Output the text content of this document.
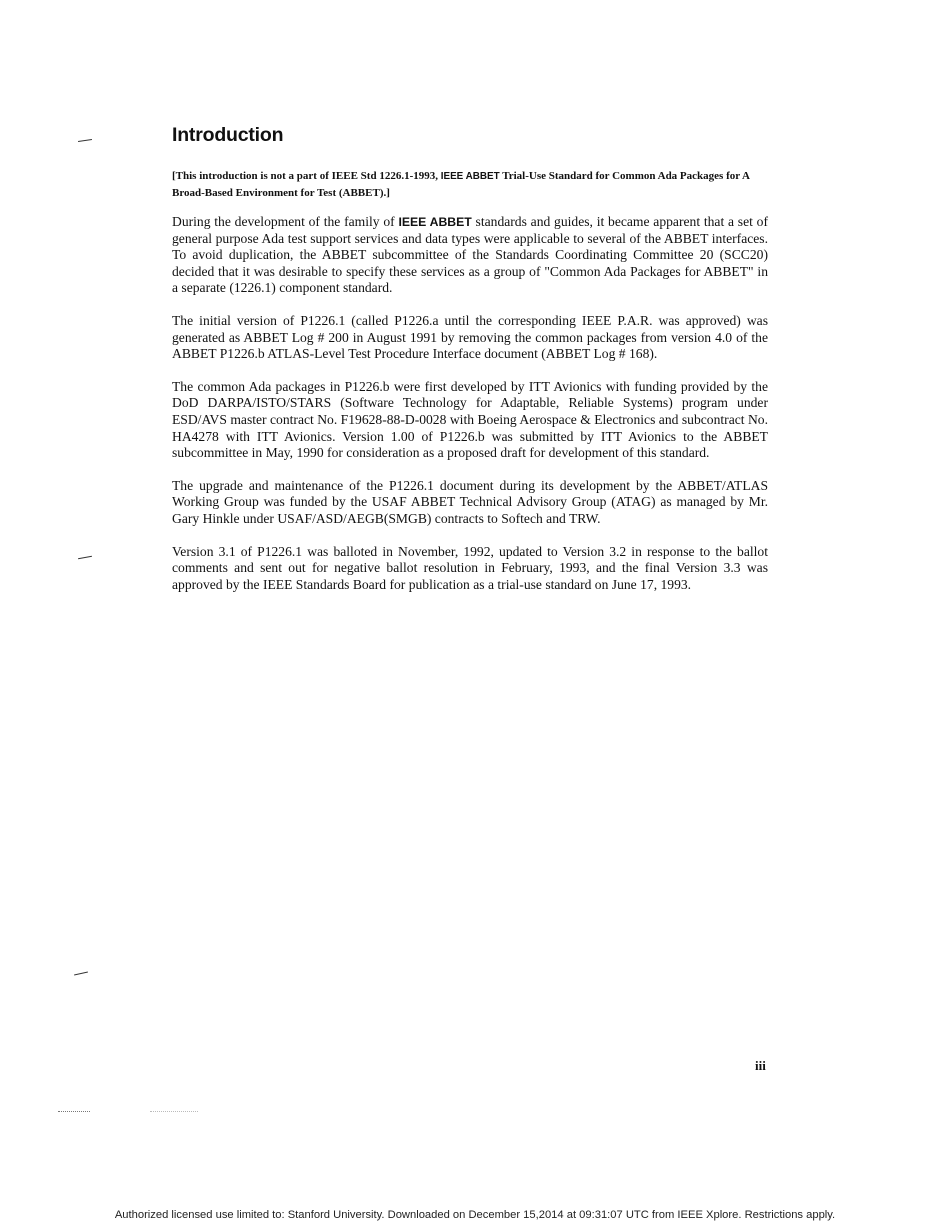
Introduction

[This introduction is not a part of IEEE Std 1226.1-1993, IEEE ABBET Trial-Use Standard for Common Ada Packages for A Broad-Based Environment for Test (ABBET).]

During the development of the family of IEEE ABBET standards and guides, it became apparent that a set of general purpose Ada test support services and data types were applicable to several of the ABBET interfaces. To avoid duplication, the ABBET subcommittee of the Standards Coordinating Committee 20 (SCC20) decided that it was desirable to specify these services as a group of "Common Ada Packages for ABBET" in a separate (1226.1) component standard.

The initial version of P1226.1 (called P1226.a until the corresponding IEEE P.A.R. was approved) was generated as ABBET Log # 200 in August 1991 by removing the common packages from version 4.0 of the ABBET P1226.b ATLAS-Level Test Procedure Interface document (ABBET Log # 168).

The common Ada packages in P1226.b were first developed by ITT Avionics with funding provided by the DoD DARPA/ISTO/STARS (Software Technology for Adaptable, Reliable Systems) program under ESD/AVS master contract No. F19628-88-D-0028 with Boeing Aerospace & Electronics and subcontract No. HA4278 with ITT Avionics. Version 1.00 of P1226.b was submitted by ITT Avionics to the ABBET subcommittee in May, 1990 for consideration as a proposed draft for development of this standard.

The upgrade and maintenance of the P1226.1 document during its development by the ABBET/ATLAS Working Group was funded by the USAF ABBET Technical Advisory Group (ATAG) as managed by Mr. Gary Hinkle under USAF/ASD/AEGB(SMGB) contracts to Softech and TRW.

Version 3.1 of P1226.1 was balloted in November, 1992, updated to Version 3.2 in response to the ballot comments and sent out for negative ballot resolution in February, 1993, and the final Version 3.3 was approved by the IEEE Standards Board for publication as a trial-use standard on June 17, 1993.

iii
Authorized licensed use limited to: Stanford University. Downloaded on December 15,2014 at 09:31:07 UTC from IEEE Xplore. Restrictions apply.
